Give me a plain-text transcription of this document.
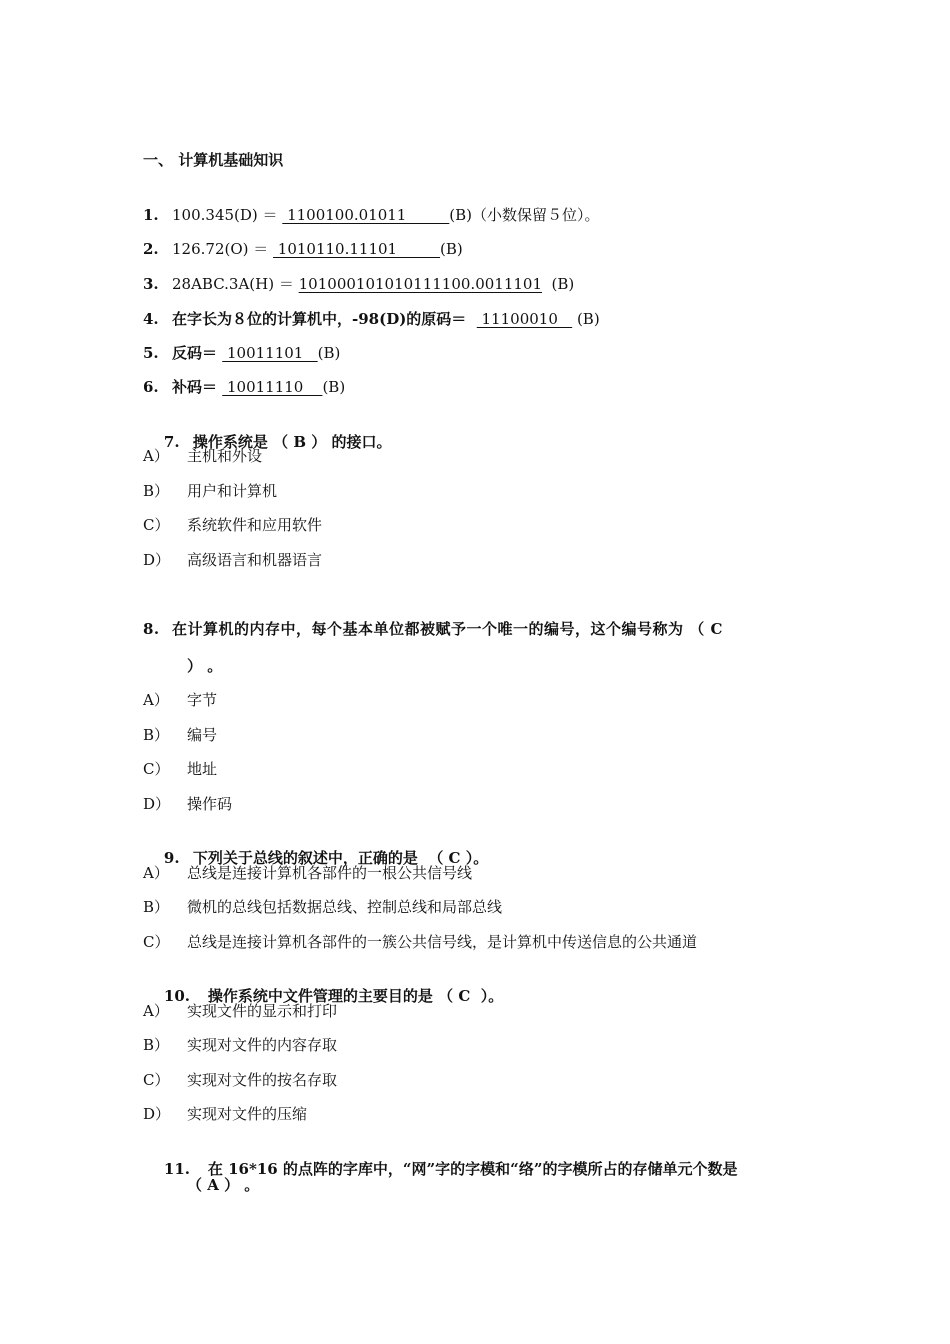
一、 计算机基础知识
1. 100.345(D) ＝  1100100.01011         (B)（小数保留５位）。
2. 126.72(O) ＝  1010110.11101         (B)
3. 28ABC.3A(H) ＝ 101000101010111100.0011101  (B)
4. 在字长为８位的计算机中，-98(D)的原码＝   11100010    (B)
5. 反码＝  10011101   (B)
6. 补码＝  10011110    (B)

7. 操作系统是 （ B ） 的接口。

A） 主机和外设
B） 用户和计算机
C） 系统软件和应用软件
D） 高级语言和机器语言
8. 在计算机的内存中，每个基本单位都被赋予一个唯一的编号，这个编号称为 （ C
） 。
A） 字节
B） 编号
C） 地址
D） 操作码

9. 下列关于总线的叙述中，正确的是  （ C ）。

A） 总线是连接计算机各部件的一根公共信号线
B） 微机的总线包括数据总线、控制总线和局部总线
C） 总线是连接计算机各部件的一簇公共信号线，是计算机中传送信息的公共通道

10. 操作系统中文件管理的主要目的是 （ C  ）。

A） 实现文件的显示和打印
B） 实现对文件的内容存取
C） 实现对文件的按名存取
D） 实现对文件的压缩

11. 在 16*16 的点阵的字库中，“网”字的字模和“络”的字模所占的存储单元个数是

（ A ） 。
